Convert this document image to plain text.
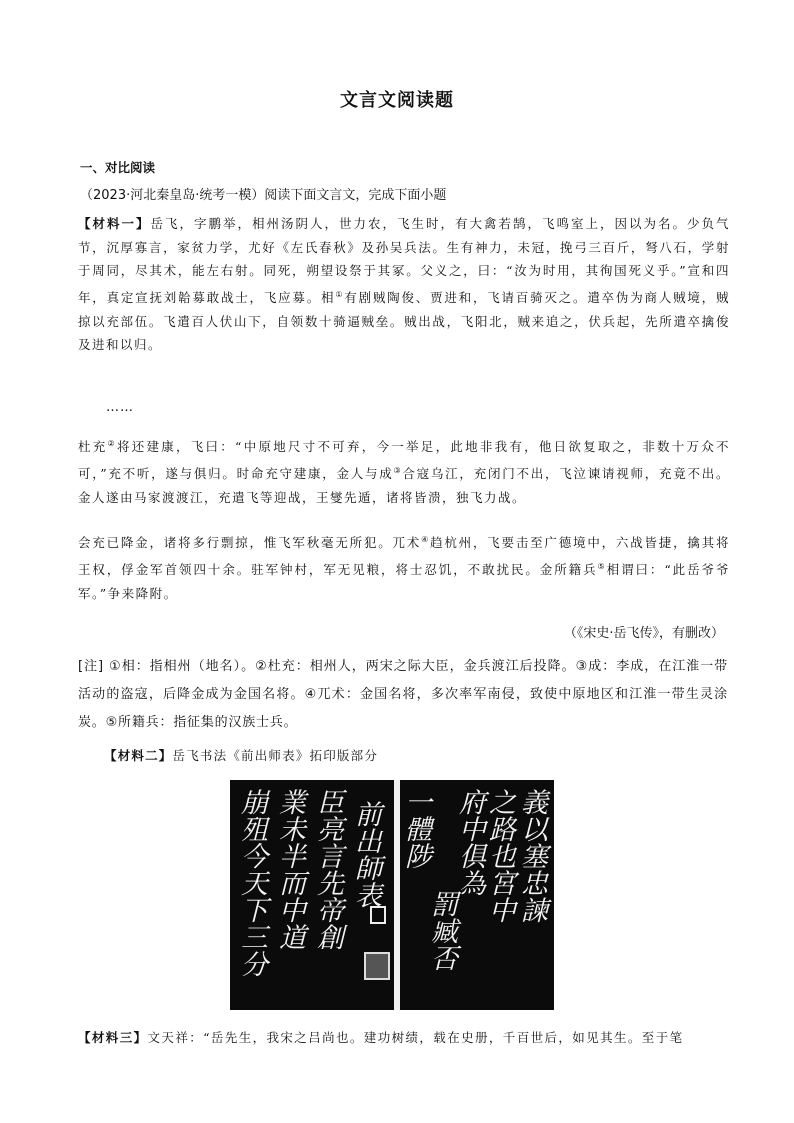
文言文阅读题
一、对比阅读
（2023·河北秦皇岛·统考一模）阅读下面文言文，完成下面小题
【材料一】岳飞，字鹏举，相州汤阴人，世力农，飞生时，有大禽若鹄，飞鸣室上，因以为名。少负气节，沉厚寡言，家贫力学，尤好《左氏春秋》及孙吴兵法。生有神力，未冠，挽弓三百斤，弩八石，学射于周同，尽其术，能左右射。同死，朔望设祭于其冢。父义之，曰：“汝为时用，其徇国死义乎。”宣和四年，真定宣抚刘韐募敢战士，飞应募。相①有剧贼陶俊、贾进和，飞请百骑灭之。遣卒伪为商人贼境，贼掠以充部伍。飞遣百人伏山下，自领数十骑逼贼垒。贼出战，飞阳北，贼来追之，伏兵起，先所遣卒擒俊及进和以归。
……
杜充②将还建康，飞曰：“中原地尺寸不可弃，今一举足，此地非我有，他日欲复取之，非数十万众不可，”充不听，遂与俱归。时命充守建康，金人与成③合寇乌江，充闭门不出，飞泣谏请视师，充竟不出。金人遂由马家渡渡江，充遣飞等迎战，王燮先遁，诸将皆溃，独飞力战。
会充已降金，诸将多行剽掠，惟飞军秋毫无所犯。兀术④趋杭州，飞要击至广德境中，六战皆捷，擒其将王权，俘金军首领四十余。驻军钟村，军无见粮，将士忍饥，不敢扰民。金所籍兵⑤相谓曰：“此岳爷爷军。”争来降附。
（《宋史·岳飞传》，有删改）
[注] ①相：指相州（地名）。②杜充：相州人，两宋之际大臣，金兵渡江后投降。③成：李成，在江淮一带活动的盗寇，后降金成为金国名将。④兀术：金国名将，多次率军南侵，致使中原地区和江淮一带生灵涂炭。⑤所籍兵：指征集的汉族士兵。
【材料二】岳飞书法《前出师表》拓印版部分
前出師表
臣亮言先帝創
業未半而中道
崩殂今天下三分	義以塞忠諫
之路也宮中
府中俱為
罰臧否
一體陟
【材料三】文天祥：“岳先生，我宋之吕尚也。建功树绩，载在史册，千百世后，如见其生。至于笔
